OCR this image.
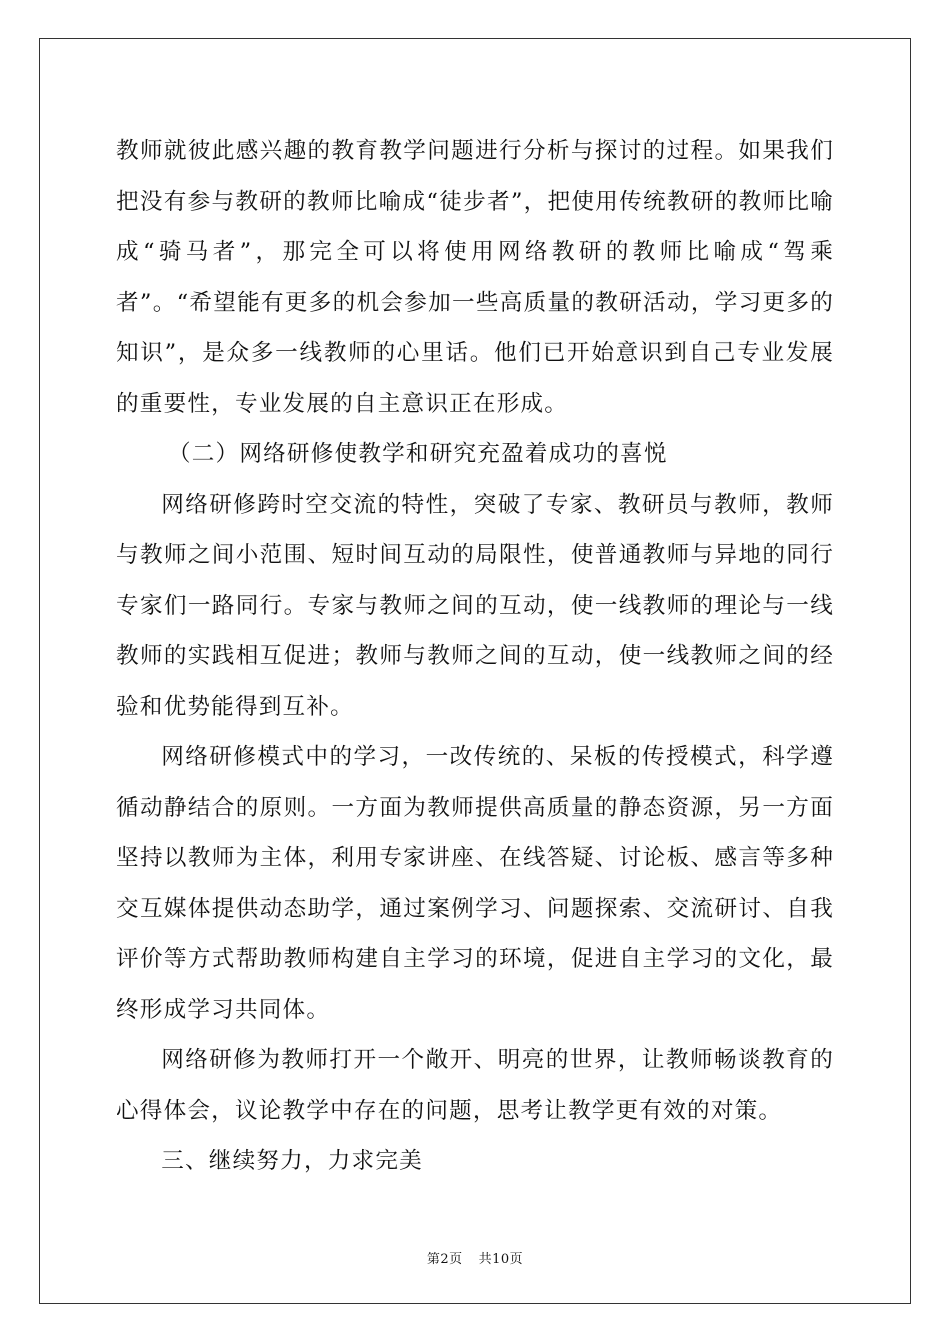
教师就彼此感兴趣的教育教学问题进行分析与探讨的过程。如果我们把没有参与教研的教师比喻成“徒步者”，把使用传统教研的教师比喻成“骑马者”，那完全可以将使用网络教研的教师比喻成“驾乘者”。“希望能有更多的机会参加一些高质量的教研活动，学习更多的知识”，是众多一线教师的心里话。他们已开始意识到自己专业发展的重要性，专业发展的自主意识正在形成。

（二）网络研修使教学和研究充盈着成功的喜悦

网络研修跨时空交流的特性，突破了专家、教研员与教师，教师与教师之间小范围、短时间互动的局限性，使普通教师与异地的同行专家们一路同行。专家与教师之间的互动，使一线教师的理论与一线教师的实践相互促进；教师与教师之间的互动，使一线教师之间的经验和优势能得到互补。

网络研修模式中的学习，一改传统的、呆板的传授模式，科学遵循动静结合的原则。一方面为教师提供高质量的静态资源，另一方面坚持以教师为主体，利用专家讲座、在线答疑、讨论板、感言等多种交互媒体提供动态助学，通过案例学习、问题探索、交流研讨、自我评价等方式帮助教师构建自主学习的环境，促进自主学习的文化，最终形成学习共同体。

网络研修为教师打开一个敞开、明亮的世界，让教师畅谈教育的心得体会，议论教学中存在的问题，思考让教学更有效的对策。

三、继续努力，力求完美

第2页 共10页
